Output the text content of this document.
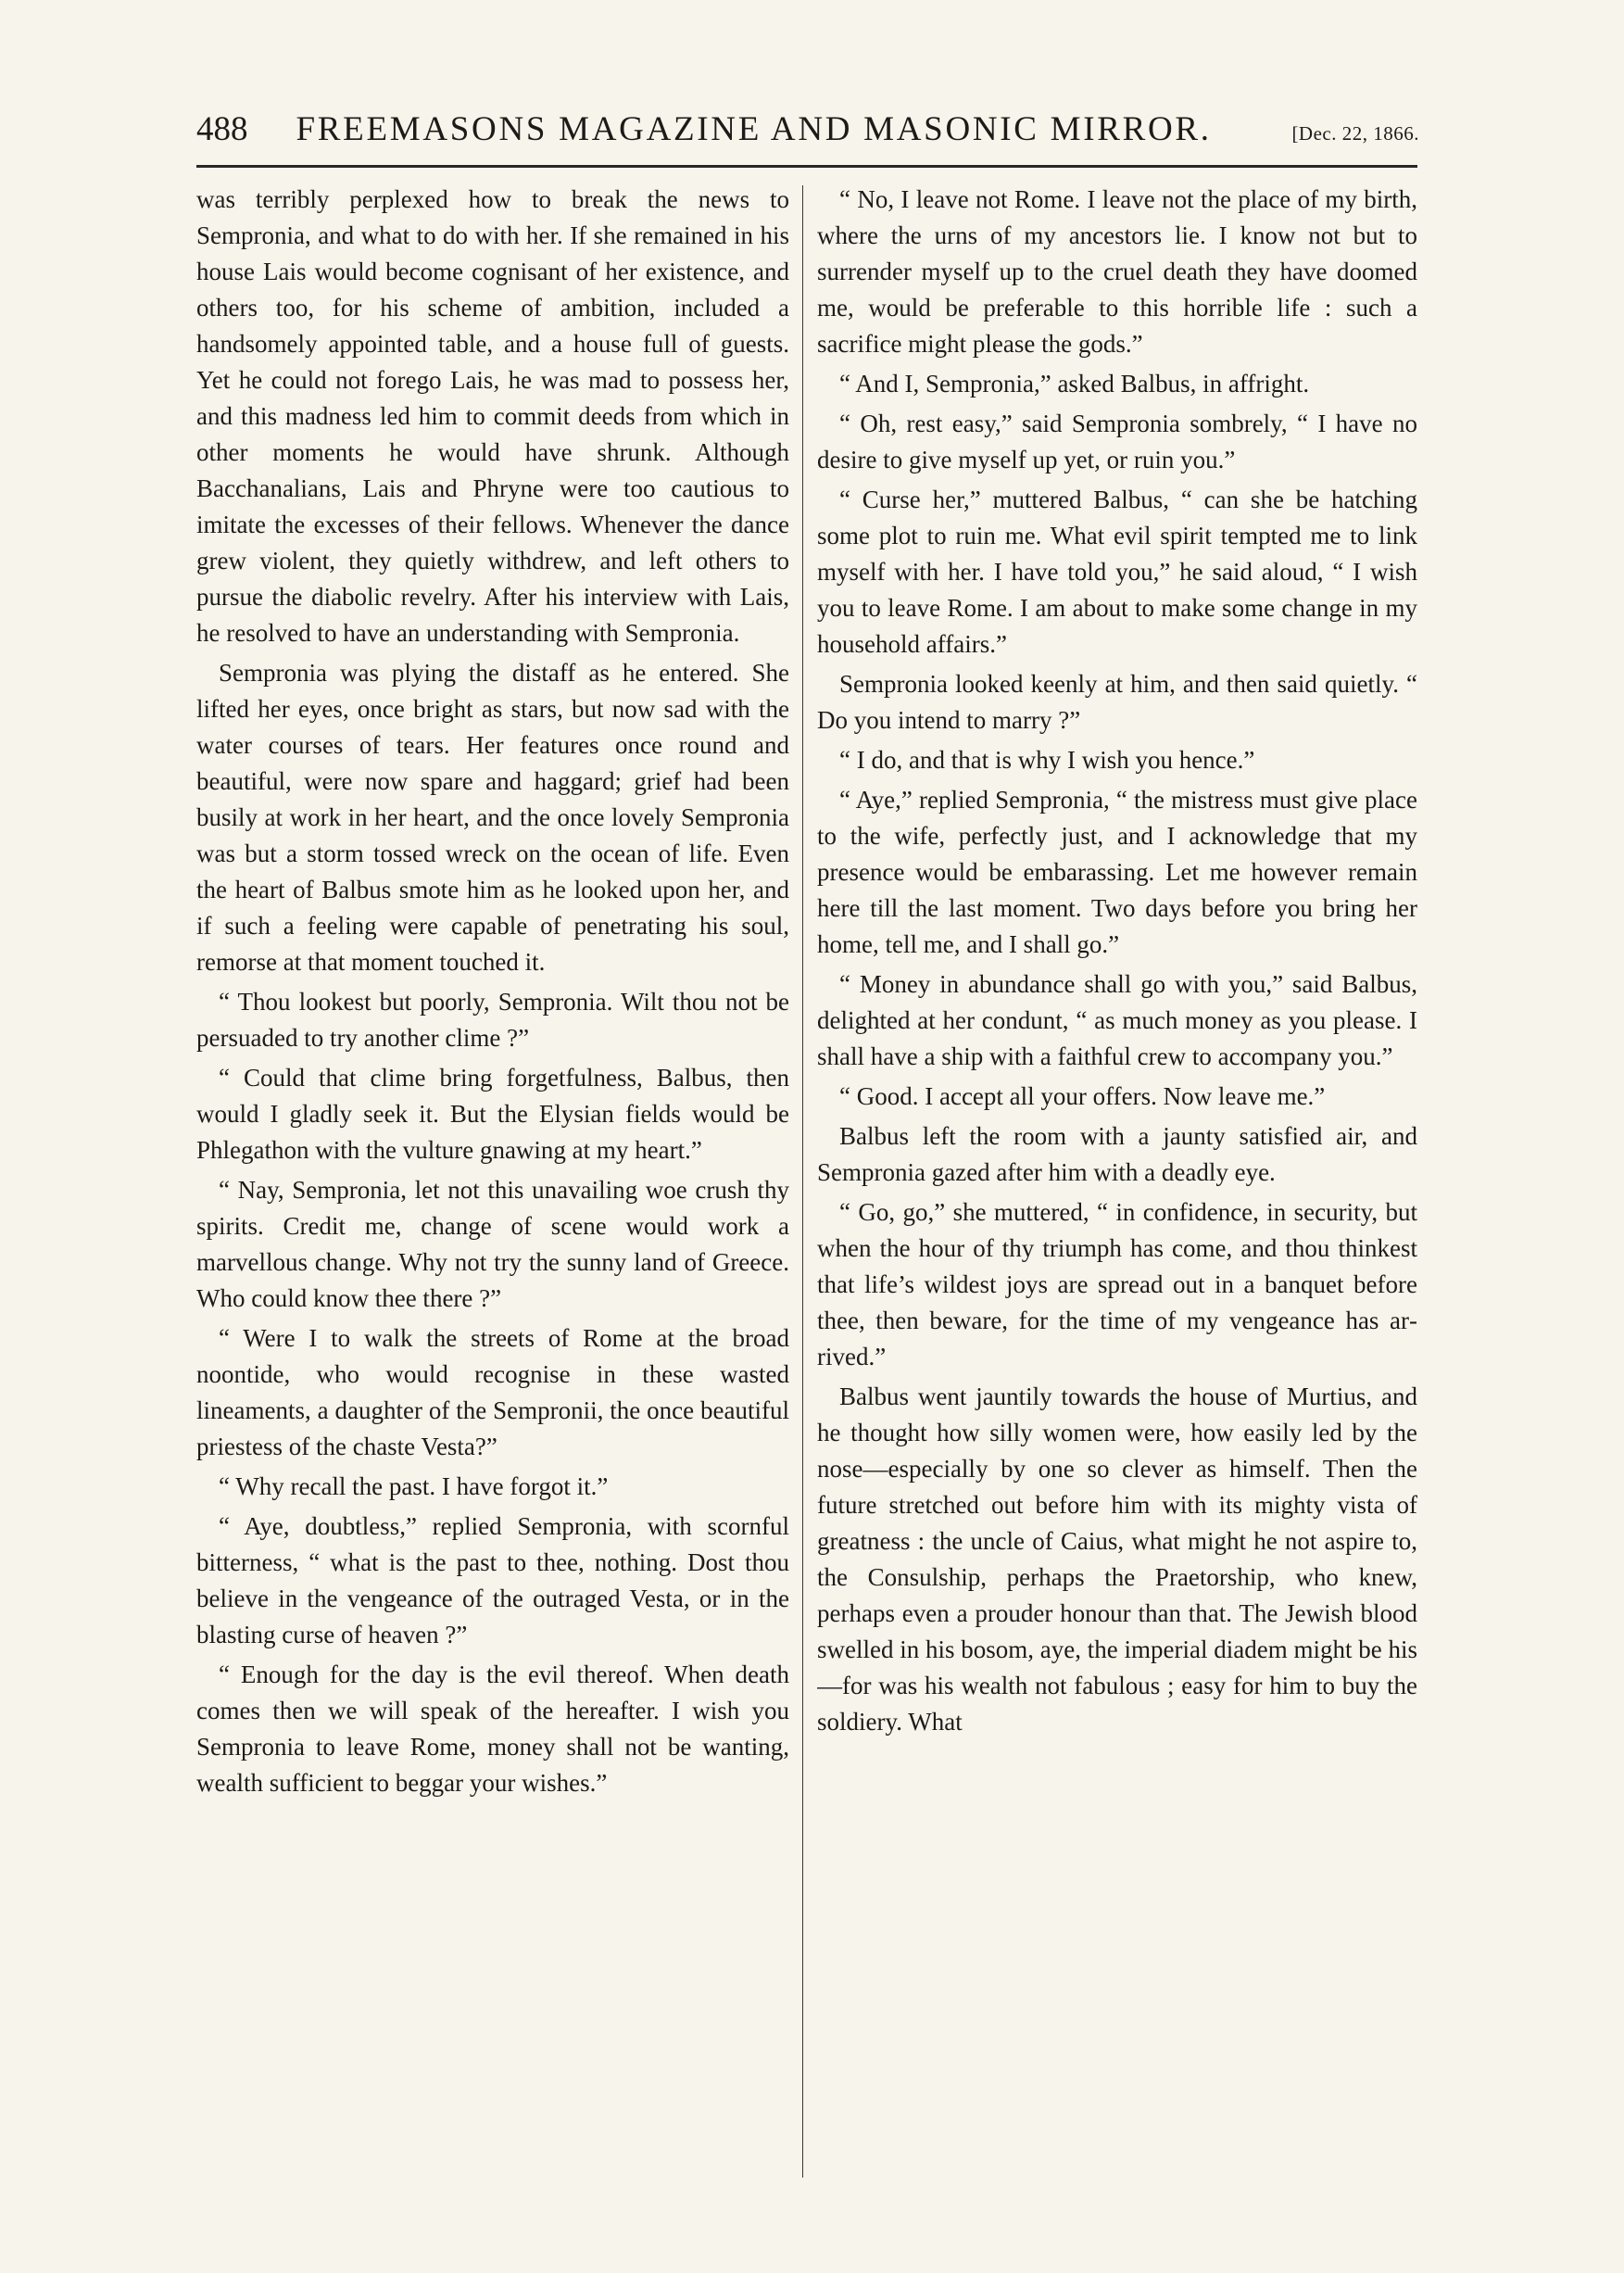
488 FREEMASONS MAGAZINE AND MASONIC MIRROR.	[Dec. 22, 1866.

was terribly perplexed how to break the news to Sempronia, and what to do with her. If she remained in his house Lais would become cognisant of her existence, and others too, for his scheme of ambition, included a handsomely appointed table, and a house full of guests. Yet he could not forego Lais, he was mad to possess her, and this madness led him to commit deeds from which in other moments he would have shrunk. Although Bacchanalians, Lais and Phryne were too cautious to imitate the excesses of their fellows. Whenever the dance grew violent, they quietly withdrew, and left others to pursue the diabolic revelry. After his interview with Lais, he resolved to have an understanding with Sempronia.

Sempronia was plying the distaff as he entered. She lifted her eyes, once bright as stars, but now sad with the water courses of tears. Her features once round and beautiful, were now spare and haggard; grief had been busily at work in her heart, and the once lovely Sempronia was but a storm tossed wreck on the ocean of life. Even the heart of Balbus smote him as he looked upon her, and if such a feeling were capable of penetrating his soul, remorse at that moment touched it.

“ Thou lookest but poorly, Sempronia. Wilt thou not be persuaded to try another clime ?”

“ Could that clime bring forgetfulness, Balbus, then would I gladly seek it. But the Elysian fields would be Phlegathon with the vulture gnawing at my heart.”

“ Nay, Sempronia, let not this unavailing woe crush thy spirits. Credit me, change of scene would work a marvellous change. Why not try the sunny land of Greece. Who could know thee there ?”

“ Were I to walk the streets of Rome at the broad noontide, who would recognise in these wasted lineaments, a daughter of the Sempronii, the once beautiful priestess of the chaste Vesta?”

“ Why recall the past. I have forgot it.”

“ Aye, doubtless,” replied Sempronia, with scornful bitterness, “ what is the past to thee, nothing. Dost thou believe in the vengeance of the outraged Vesta, or in the blasting curse of heaven ?”

“ Enough for the day is the evil thereof. When death comes then we will speak of the hereafter. I wish you Sempronia to leave Rome, money shall not be wanting, wealth sufficient to beggar your wishes.”

“ No, I leave not Rome. I leave not the place of my birth, where the urns of my ancestors lie. I know not but to surrender myself up to the cruel death they have doomed me, would be preferable to this horrible life : such a sacrifice might please the gods.”

“ And I, Sempronia,” asked Balbus, in affright.

“ Oh, rest easy,” said Sempronia sombrely, “ I have no desire to give myself up yet, or ruin you.”

“ Curse her,” muttered Balbus, “ can she be hatching some plot to ruin me. What evil spirit tempted me to link myself with her. I have told you,” he said aloud, “ I wish you to leave Rome. I am about to make some change in my household affairs.”

Sempronia looked keenly at him, and then said quietly. “ Do you intend to marry ?”

“ I do, and that is why I wish you hence.”

“ Aye,” replied Sempronia, “ the mistress must give place to the wife, perfectly just, and I acknowledge that my presence would be embarassing. Let me however remain here till the last moment. Two days before you bring her home, tell me, and I shall go.”

“ Money in abundance shall go with you,” said Balbus, delighted at her condunt, “ as much money as you please. I shall have a ship with a faithful crew to accompany you.”

“ Good. I accept all your offers. Now leave me.”

Balbus left the room with a jaunty satisfied air, and Sempronia gazed after him with a deadly eye.

“ Go, go,” she muttered, “ in confidence, in security, but when the hour of thy triumph has come, and thou thinkest that life’s wildest joys are spread out in a banquet before thee, then beware, for the time of my vengeance has arrived.”

Balbus went jauntily towards the house of Murtius, and he thought how silly women were, how easily led by the nose—especially by one so clever as himself. Then the future stretched out before him with its mighty vista of greatness : the uncle of Caius, what might he not aspire to, the Consulship, perhaps the Praetorship, who knew, perhaps even a prouder honour than that. The Jewish blood swelled in his bosom, aye, the imperial diadem might be his—for was his wealth not fabulous ; easy for him to buy the soldiery. What
